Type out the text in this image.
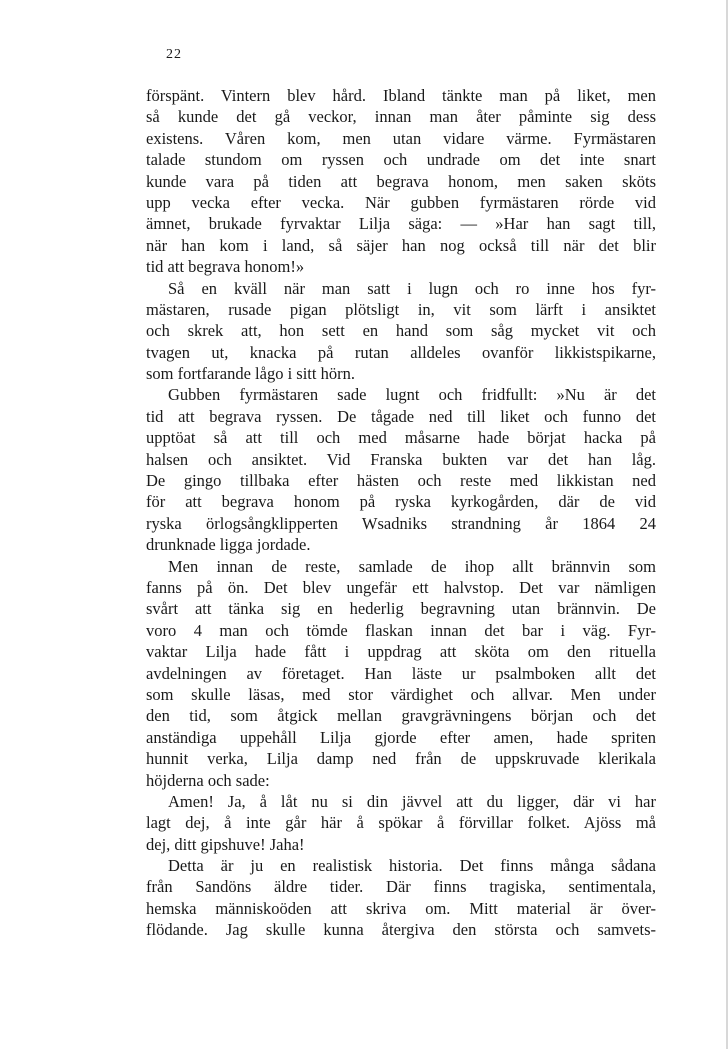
22
förspänt. Vintern blev hård. Ibland tänkte man på liket, men
så kunde det gå veckor, innan man åter påminte sig dess
existens. Våren kom, men utan vidare värme. Fyrmästaren
talade stundom om ryssen och undrade om det inte snart
kunde vara på tiden att begrava honom, men saken sköts
upp vecka efter vecka. När gubben fyrmästaren rörde vid
ämnet, brukade fyrvaktar Lilja säga: — »Har han sagt till,
när han kom i land, så säjer han nog också till när det blir
tid att begrava honom!»
Så en kväll när man satt i lugn och ro inne hos fyr-
mästaren, rusade pigan plötsligt in, vit som lärft i ansiktet
och skrek att, hon sett en hand som såg mycket vit och
tvagen ut, knacka på rutan alldeles ovanför likkistspikarne,
som fortfarande lågo i sitt hörn.
Gubben fyrmästaren sade lugnt och fridfullt: »Nu är det
tid att begrava ryssen. De tågade ned till liket och funno det
upptöat så att till och med måsarne hade börjat hacka på
halsen och ansiktet. Vid Franska bukten var det han låg.
De gingo tillbaka efter hästen och reste med likkistan ned
för att begrava honom på ryska kyrkogården, där de vid
ryska örlogsångklipperten Wsadniks strandning år 1864 24
drunknade ligga jordade.
Men innan de reste, samlade de ihop allt brännvin som
fanns på ön. Det blev ungefär ett halvstop. Det var nämligen
svårt att tänka sig en hederlig begravning utan brännvin. De
voro 4 man och tömde flaskan innan det bar i väg. Fyr-
vaktar Lilja hade fått i uppdrag att sköta om den rituella
avdelningen av företaget. Han läste ur psalmboken allt det
som skulle läsas, med stor värdighet och allvar. Men under
den tid, som åtgick mellan gravgrävningens början och det
anständiga uppehåll Lilja gjorde efter amen, hade spriten
hunnit verka, Lilja damp ned från de uppskruvade klerikala
höjderna och sade:
Amen! Ja, å låt nu si din jävvel att du ligger, där vi har
lagt dej, å inte går här å spökar å förvillar folket. Ajöss må
dej, ditt gipshuve! Jaha!
Detta är ju en realistisk historia. Det finns många sådana
från Sandöns äldre tider. Där finns tragiska, sentimentala,
hemska människoöden att skriva om. Mitt material är över-
flödande. Jag skulle kunna återgiva den största och samvets-
